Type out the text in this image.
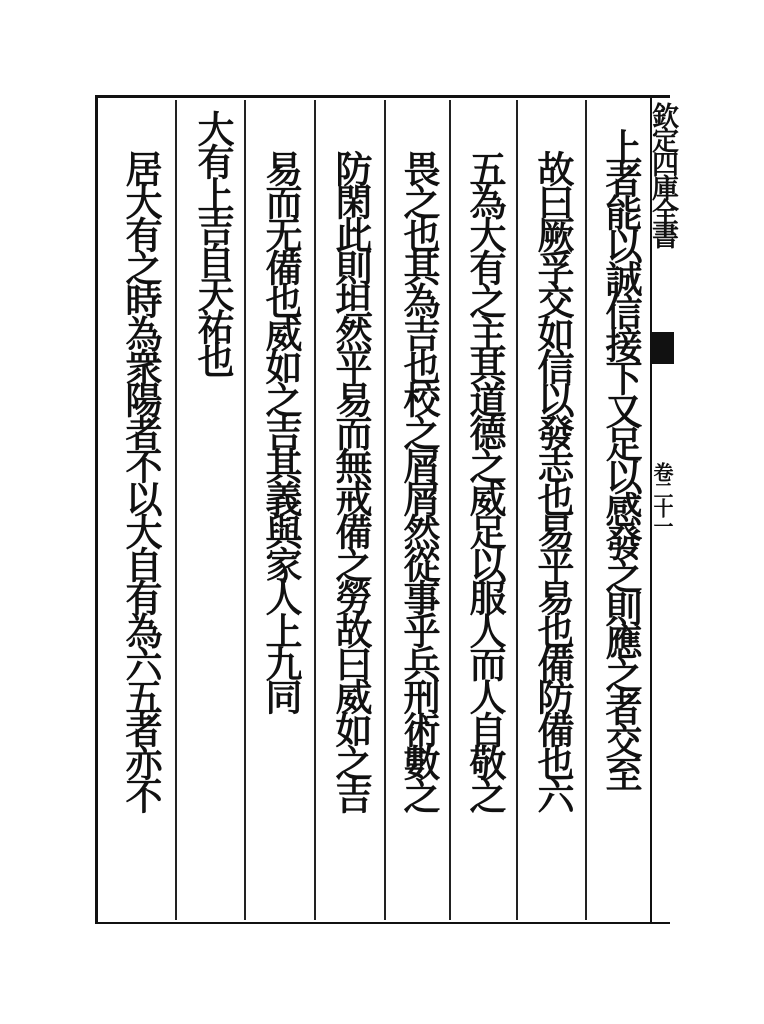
上者能以誠信接下又足以感發之則應之者交至
故曰厥孚交如信以發志也易平易也備防備也六
五為大有之主其道德之威足以服人而人自敬之
畏之也其為吉也校之屑屑然從事乎兵刑術數之
防閑此則坦然平易而無戒備之勞故曰威如之吉
易而无備也威如之吉其義與家人上九同
大有上吉自天祐也
居大有之時為衆陽者不以大自有為六五者亦不	欽定四庫全書
卷二十一
